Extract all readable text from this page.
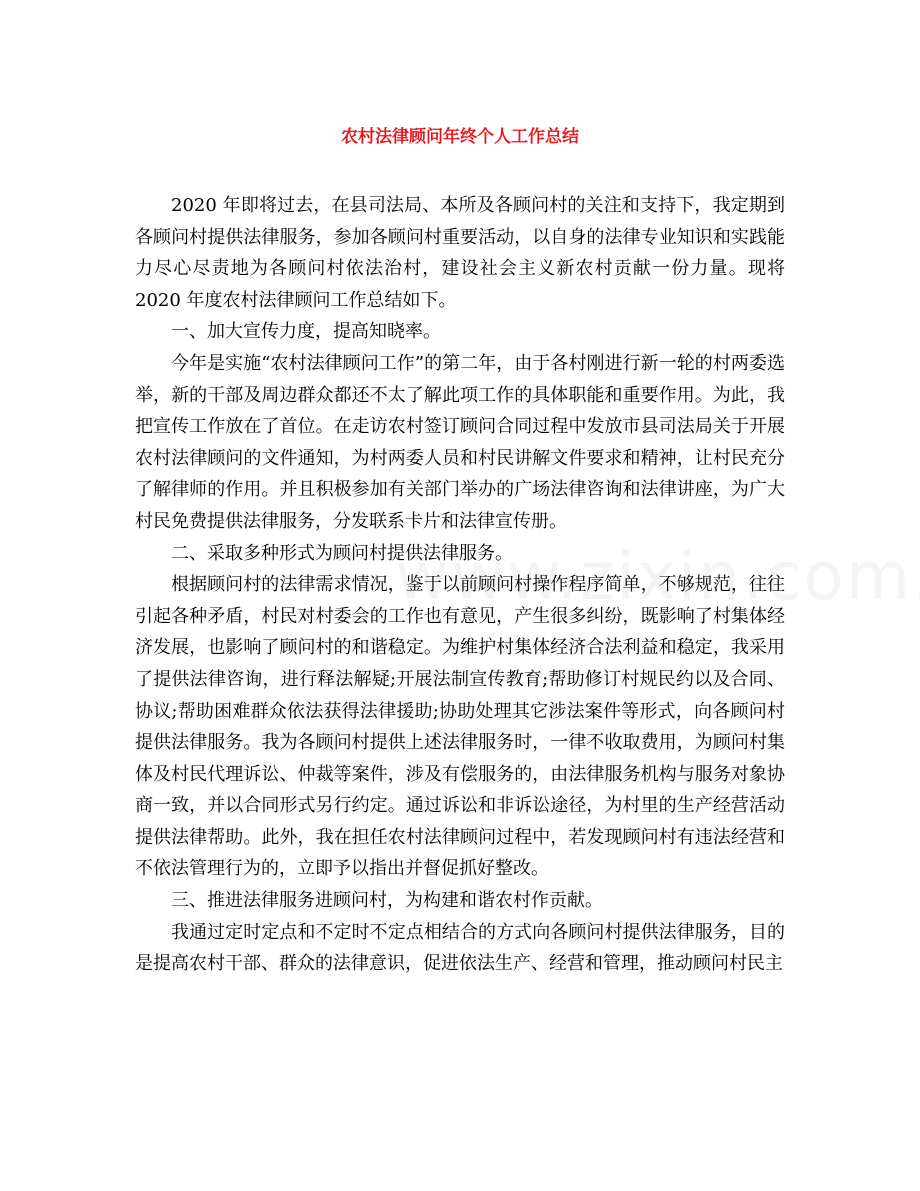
农村法律顾问年终个人工作总结

2020 年即将过去，在县司法局、本所及各顾问村的关注和支持下，我定期到各顾问村提供法律服务，参加各顾问村重要活动，以自身的法律专业知识和实践能力尽心尽责地为各顾问村依法治村，建设社会主义新农村贡献一份力量。现将 2020 年度农村法律顾问工作总结如下。

一、加大宣传力度，提高知晓率。

今年是实施“农村法律顾问工作”的第二年，由于各村刚进行新一轮的村两委选举，新的干部及周边群众都还不太了解此项工作的具体职能和重要作用。为此，我把宣传工作放在了首位。在走访农村签订顾问合同过程中发放市县司法局关于开展农村法律顾问的文件通知，为村两委人员和村民讲解文件要求和精神，让村民充分了解律师的作用。并且积极参加有关部门举办的广场法律咨询和法律讲座，为广大村民免费提供法律服务，分发联系卡片和法律宣传册。

二、采取多种形式为顾问村提供法律服务。

根据顾问村的法律需求情况，鉴于以前顾问村操作程序简单，不够规范，往往引起各种矛盾，村民对村委会的工作也有意见，产生很多纠纷，既影响了村集体经济发展，也影响了顾问村的和谐稳定。为维护村集体经济合法利益和稳定，我采用了提供法律咨询，进行释法解疑;开展法制宣传教育;帮助修订村规民约以及合同、协议;帮助困难群众依法获得法律援助;协助处理其它涉法案件等形式，向各顾问村提供法律服务。我为各顾问村提供上述法律服务时，一律不收取费用，为顾问村集体及村民代理诉讼、仲裁等案件，涉及有偿服务的，由法律服务机构与服务对象协商一致，并以合同形式另行约定。通过诉讼和非诉讼途径，为村里的生产经营活动提供法律帮助。此外，我在担任农村法律顾问过程中，若发现顾问村有违法经营和不依法管理行为的，立即予以指出并督促抓好整改。

三、推进法律服务进顾问村，为构建和谐农村作贡献。

我通过定时定点和不定时不定点相结合的方式向各顾问村提供法律服务，目的是提高农村干部、群众的法律意识，促进依法生产、经营和管理，推动顾问村民主
